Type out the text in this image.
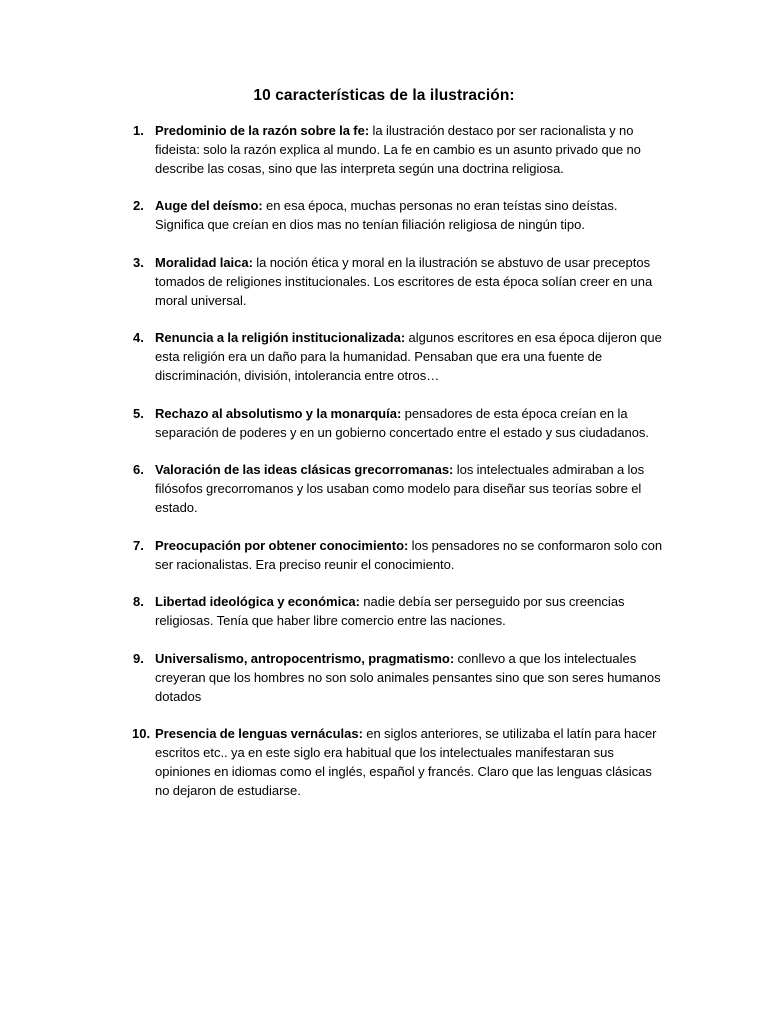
10 características de la ilustración:
1. Predominio de la razón sobre la fe: la ilustración destaco por ser racionalista y no fideista: solo la razón explica al mundo. La fe en cambio es un asunto privado que no describe las cosas, sino que las interpreta según una doctrina religiosa.
2. Auge del deísmo: en esa época, muchas personas no eran teístas sino deístas. Significa que creían en dios mas no tenían filiación religiosa de ningún tipo.
3. Moralidad laica: la noción ética y moral en la ilustración se abstuvo de usar preceptos tomados de religiones institucionales. Los escritores de esta época solían creer en una moral universal.
4. Renuncia a la religión institucionalizada: algunos escritores en esa época dijeron que esta religión era un daño para la humanidad. Pensaban que era una fuente de discriminación, división, intolerancia entre otros…
5. Rechazo al absolutismo y la monarquía: pensadores de esta época creían en la separación de poderes y en un gobierno concertado entre el estado y sus ciudadanos.
6. Valoración de las ideas clásicas grecorromanas: los intelectuales admiraban a los filósofos grecorromanos y los usaban como modelo para diseñar sus teorías sobre el estado.
7. Preocupación por obtener conocimiento: los pensadores no se conformaron solo con ser racionalistas. Era preciso reunir el conocimiento.
8. Libertad ideológica y económica: nadie debía ser perseguido por sus creencias religiosas. Tenía que haber libre comercio entre las naciones.
9. Universalismo, antropocentrismo, pragmatismo: conllevo a que los intelectuales creyeran que los hombres no son solo animales pensantes sino que son seres humanos dotados
10. Presencia de lenguas vernáculas: en siglos anteriores, se utilizaba el latín para hacer escritos etc.. ya en este siglo era habitual que los intelectuales manifestaran sus opiniones en idiomas como el inglés, español y francés. Claro que las lenguas clásicas no dejaron de estudiarse.
